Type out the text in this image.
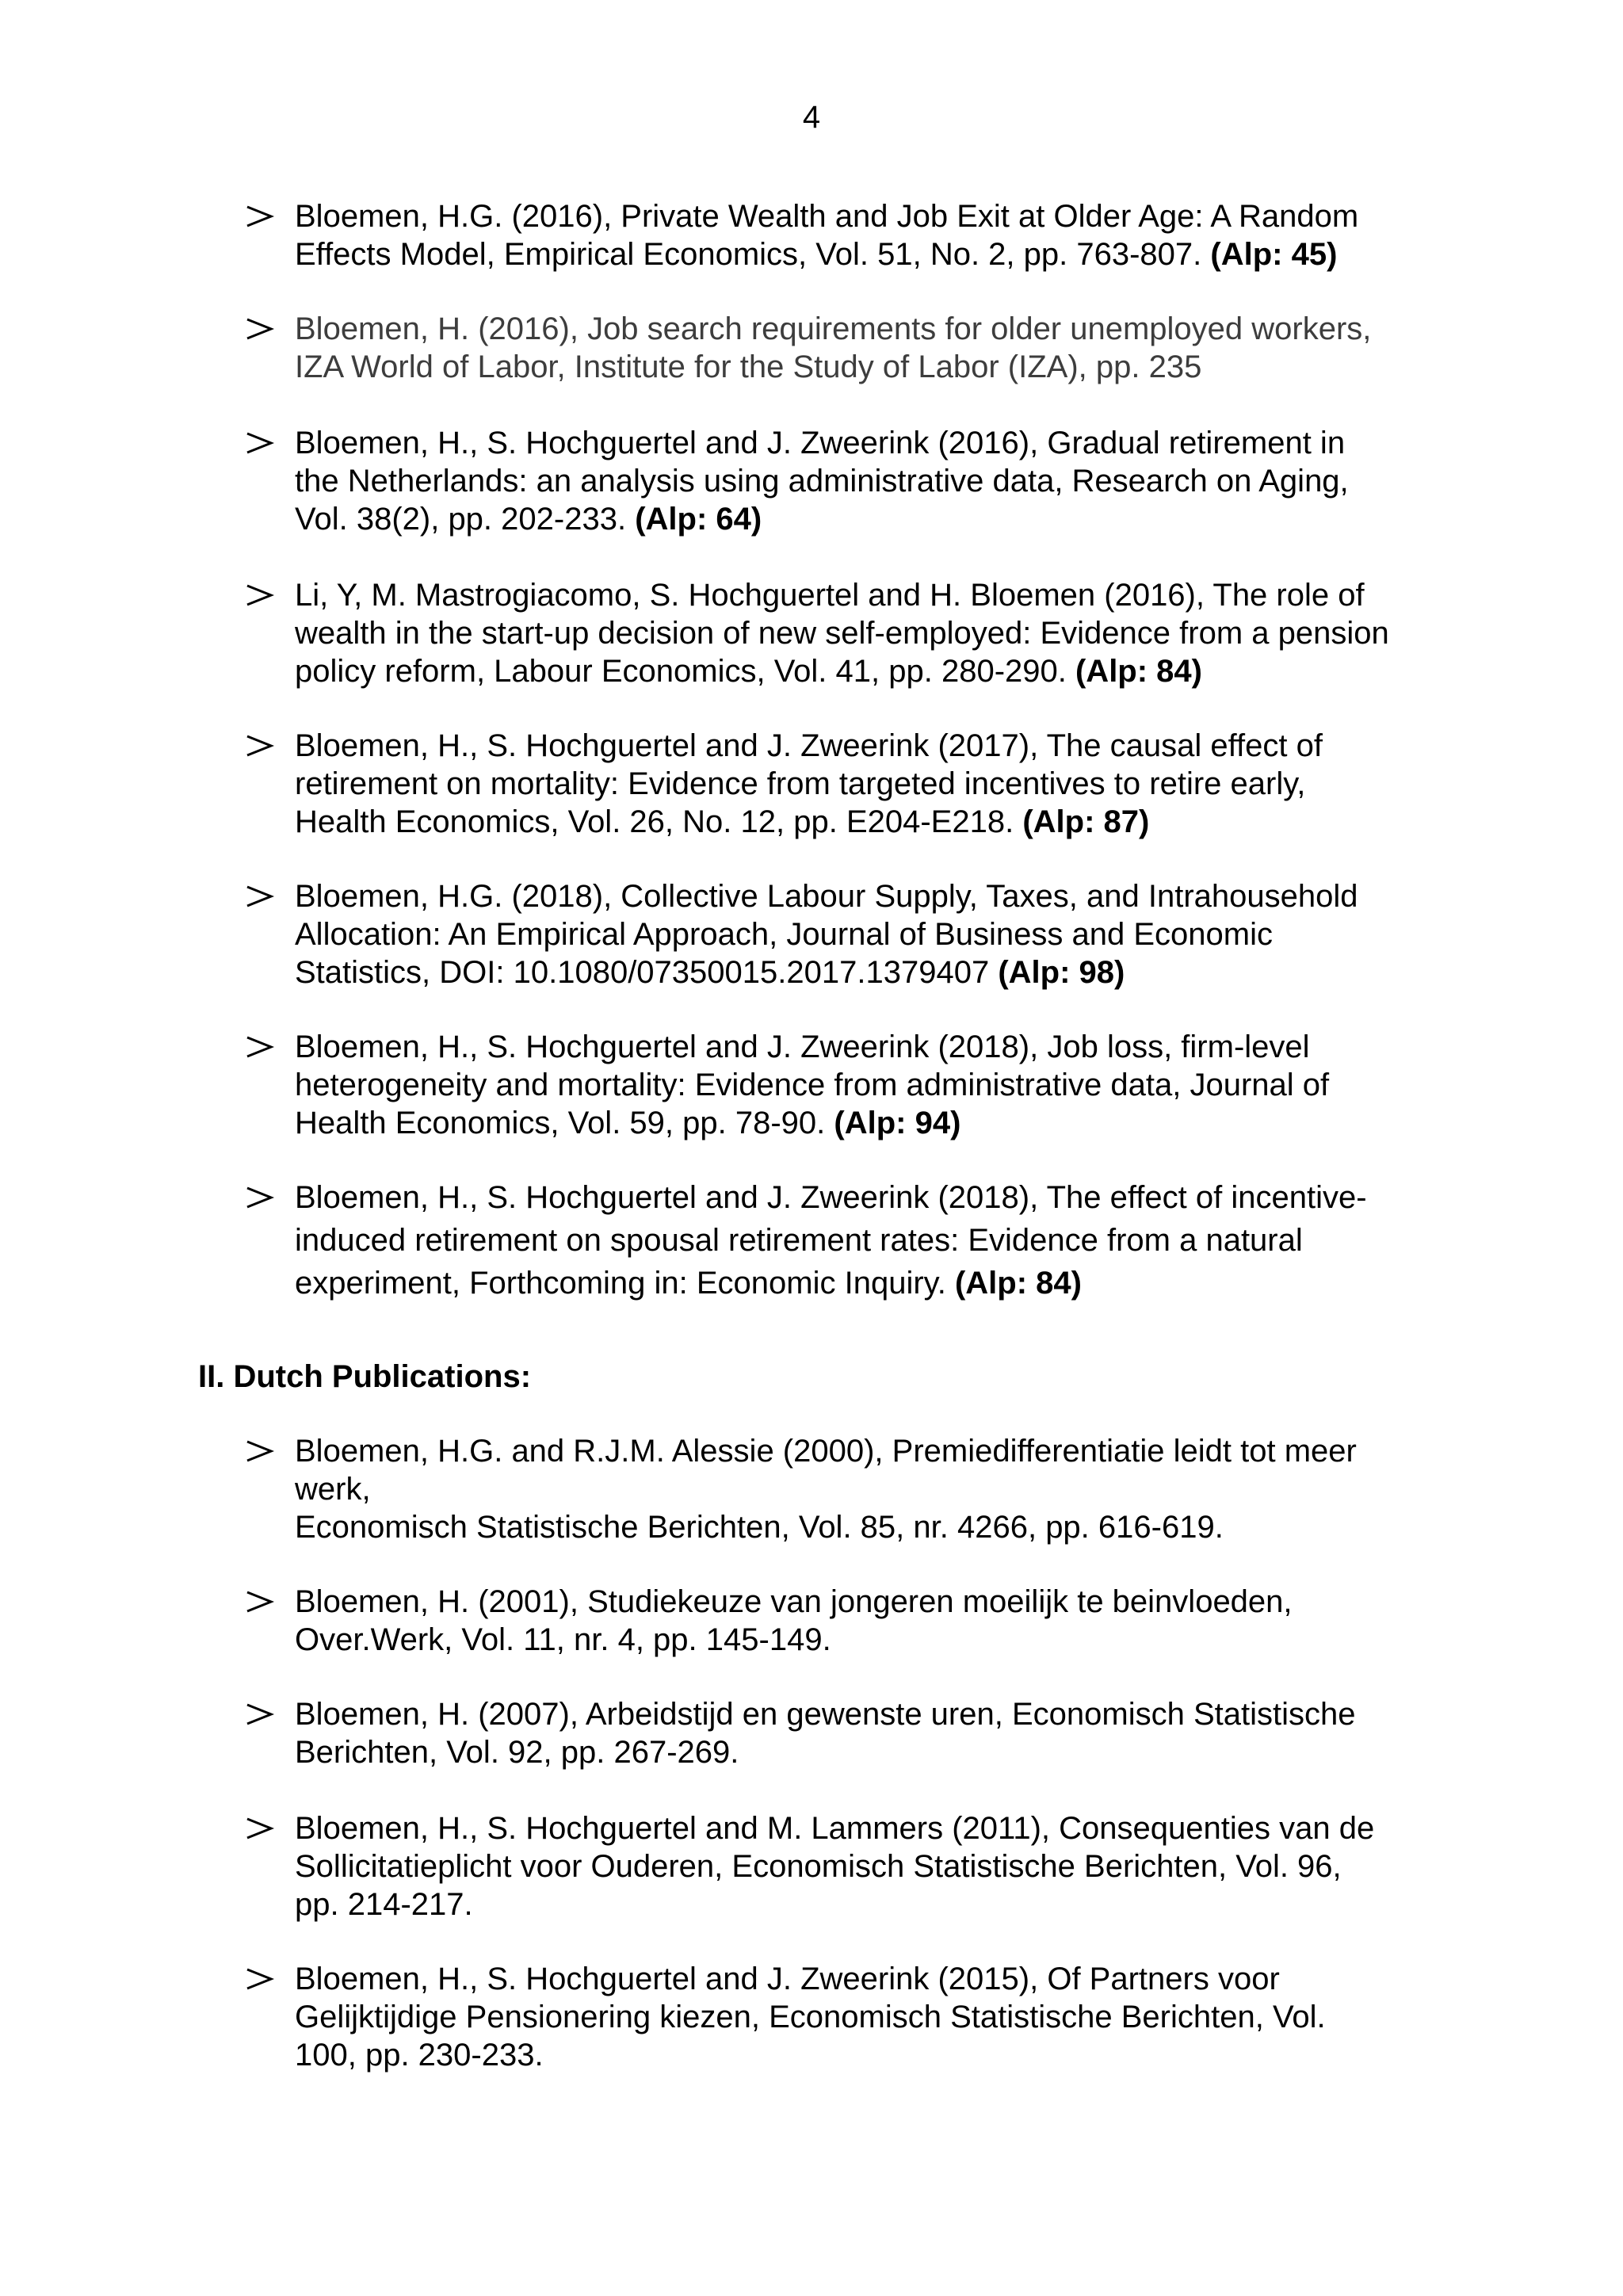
4
Bloemen, H.G. (2016), Private Wealth and Job Exit at Older Age: A Random
Effects Model, Empirical Economics, Vol. 51, No. 2, pp. 763-807. (Alp: 45)
Bloemen, H. (2016), Job search requirements for older unemployed workers,
IZA World of Labor, Institute for the Study of Labor (IZA), pp. 235
Bloemen, H., S. Hochguertel and J. Zweerink (2016), Gradual retirement in
the Netherlands: an analysis using administrative data, Research on Aging,
Vol. 38(2), pp. 202-233. (Alp: 64)
Li, Y, M. Mastrogiacomo, S. Hochguertel and H. Bloemen (2016), The role of
wealth in the start-up decision of new self-employed: Evidence from a pension
policy reform, Labour Economics, Vol. 41, pp. 280-290. (Alp: 84)
Bloemen, H., S. Hochguertel and J. Zweerink (2017), The causal effect of
retirement on mortality: Evidence from targeted incentives to retire early,
Health Economics, Vol. 26, No. 12, pp. E204-E218. (Alp: 87)
Bloemen, H.G. (2018), Collective Labour Supply, Taxes, and Intrahousehold
Allocation: An Empirical Approach, Journal of Business and Economic
Statistics, DOI: 10.1080/07350015.2017.1379407 (Alp: 98)
Bloemen, H., S. Hochguertel and J. Zweerink (2018), Job loss, firm-level
heterogeneity and mortality: Evidence from administrative data, Journal of
Health Economics, Vol. 59, pp. 78-90. (Alp: 94)
Bloemen, H., S. Hochguertel and J. Zweerink (2018), The effect of incentive-
induced retirement on spousal retirement rates: Evidence from a natural
experiment, Forthcoming in: Economic Inquiry. (Alp: 84)
II. Dutch Publications:
Bloemen, H.G. and R.J.M. Alessie (2000), Premiedifferentiatie leidt tot meer
werk,
Economisch Statistische Berichten, Vol. 85, nr. 4266, pp. 616-619.
Bloemen, H. (2001), Studiekeuze van jongeren moeilijk te beinvloeden,
Over.Werk, Vol. 11, nr. 4, pp. 145-149.
Bloemen, H. (2007), Arbeidstijd en gewenste uren, Economisch Statistische
Berichten, Vol. 92, pp. 267-269.
Bloemen, H., S. Hochguertel and M. Lammers (2011), Consequenties van de
Sollicitatieplicht voor Ouderen, Economisch Statistische Berichten, Vol. 96,
pp. 214-217.
Bloemen, H., S. Hochguertel and J. Zweerink (2015), Of Partners voor
Gelijktijdige Pensionering kiezen, Economisch Statistische Berichten, Vol.
100, pp. 230-233.
